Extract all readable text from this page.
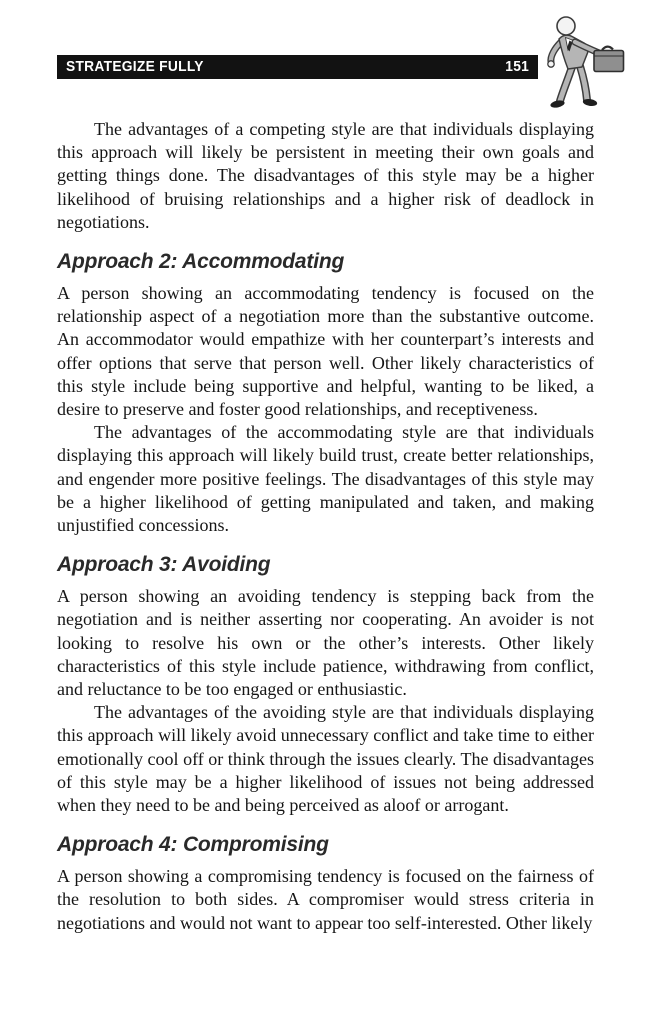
STRATEGIZE FULLY	151

The advantages of a competing style are that individuals displaying this approach will likely be persistent in meeting their own goals and getting things done. The disadvantages of this style may be a higher likelihood of bruising relationships and a higher risk of deadlock in negotiations.

Approach 2: Accommodating

A person showing an accommodating tendency is focused on the relationship aspect of a negotiation more than the substantive outcome. An accommodator would empathize with her counterpart’s interests and offer options that serve that person well. Other likely characteristics of this style include being supportive and helpful, wanting to be liked, a desire to preserve and foster good relationships, and receptiveness.

The advantages of the accommodating style are that individuals displaying this approach will likely build trust, create better relationships, and engender more positive feelings. The disadvantages of this style may be a higher likelihood of getting manipulated and taken, and making unjustified concessions.

Approach 3: Avoiding

A person showing an avoiding tendency is stepping back from the negotiation and is neither asserting nor cooperating. An avoider is not looking to resolve his own or the other’s interests. Other likely characteristics of this style include patience, withdrawing from conflict, and reluctance to be too engaged or enthusiastic.

The advantages of the avoiding style are that individuals displaying this approach will likely avoid unnecessary conflict and take time to either emotionally cool off or think through the issues clearly. The disadvantages of this style may be a higher likelihood of issues not being addressed when they need to be and being perceived as aloof or arrogant.

Approach 4: Compromising

A person showing a compromising tendency is focused on the fairness of the resolution to both sides. A compromiser would stress criteria in negotiations and would not want to appear too self-interested. Other likely
